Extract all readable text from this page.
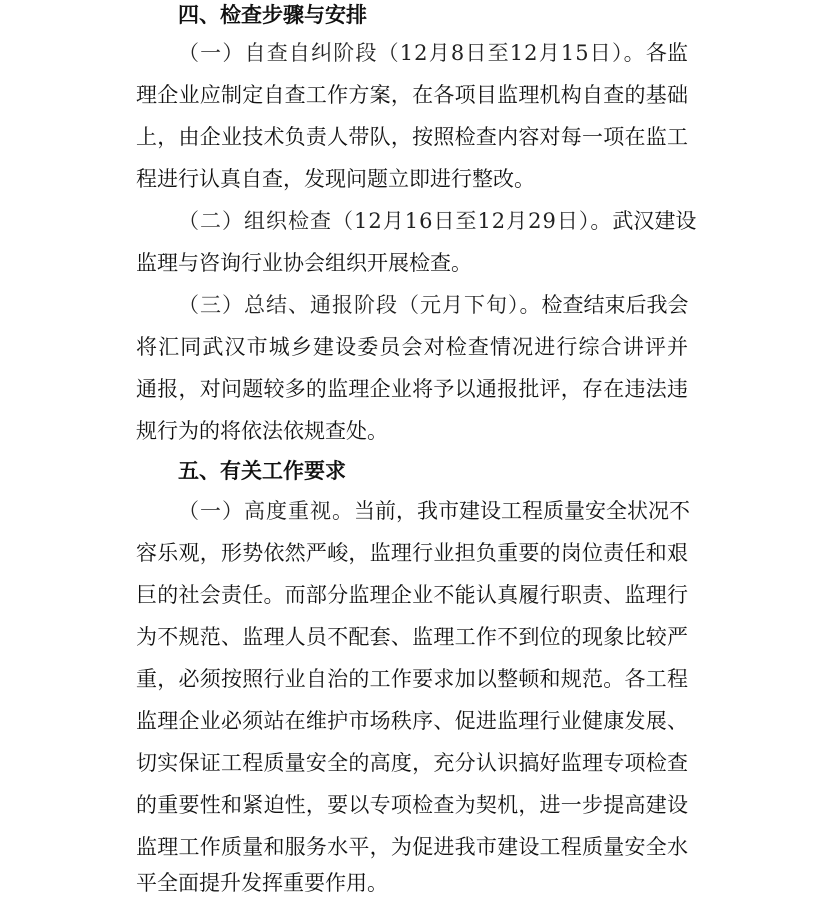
四、检查步骤与安排
（一）自查自纠阶段（12月8日至12月15日）。各监
理企业应制定自查工作方案，在各项目监理机构自查的基础
上，由企业技术负责人带队，按照检查内容对每一项在监工
程进行认真自查，发现问题立即进行整改。
（二）组织检查（12月16日至12月29日）。武汉建设
监理与咨询行业协会组织开展检查。
（三）总结、通报阶段（元月下旬）。检查结束后我会
将汇同武汉市城乡建设委员会对检查情况进行综合讲评并
通报，对问题较多的监理企业将予以通报批评，存在违法违
规行为的将依法依规查处。
五、有关工作要求
（一）高度重视。当前，我市建设工程质量安全状况不
容乐观，形势依然严峻，监理行业担负重要的岗位责任和艰
巨的社会责任。而部分监理企业不能认真履行职责、监理行
为不规范、监理人员不配套、监理工作不到位的现象比较严
重，必须按照行业自治的工作要求加以整顿和规范。各工程
监理企业必须站在维护市场秩序、促进监理行业健康发展、
切实保证工程质量安全的高度，充分认识搞好监理专项检查
的重要性和紧迫性，要以专项检查为契机，进一步提高建设
监理工作质量和服务水平，为促进我市建设工程质量安全水
平全面提升发挥重要作用。
